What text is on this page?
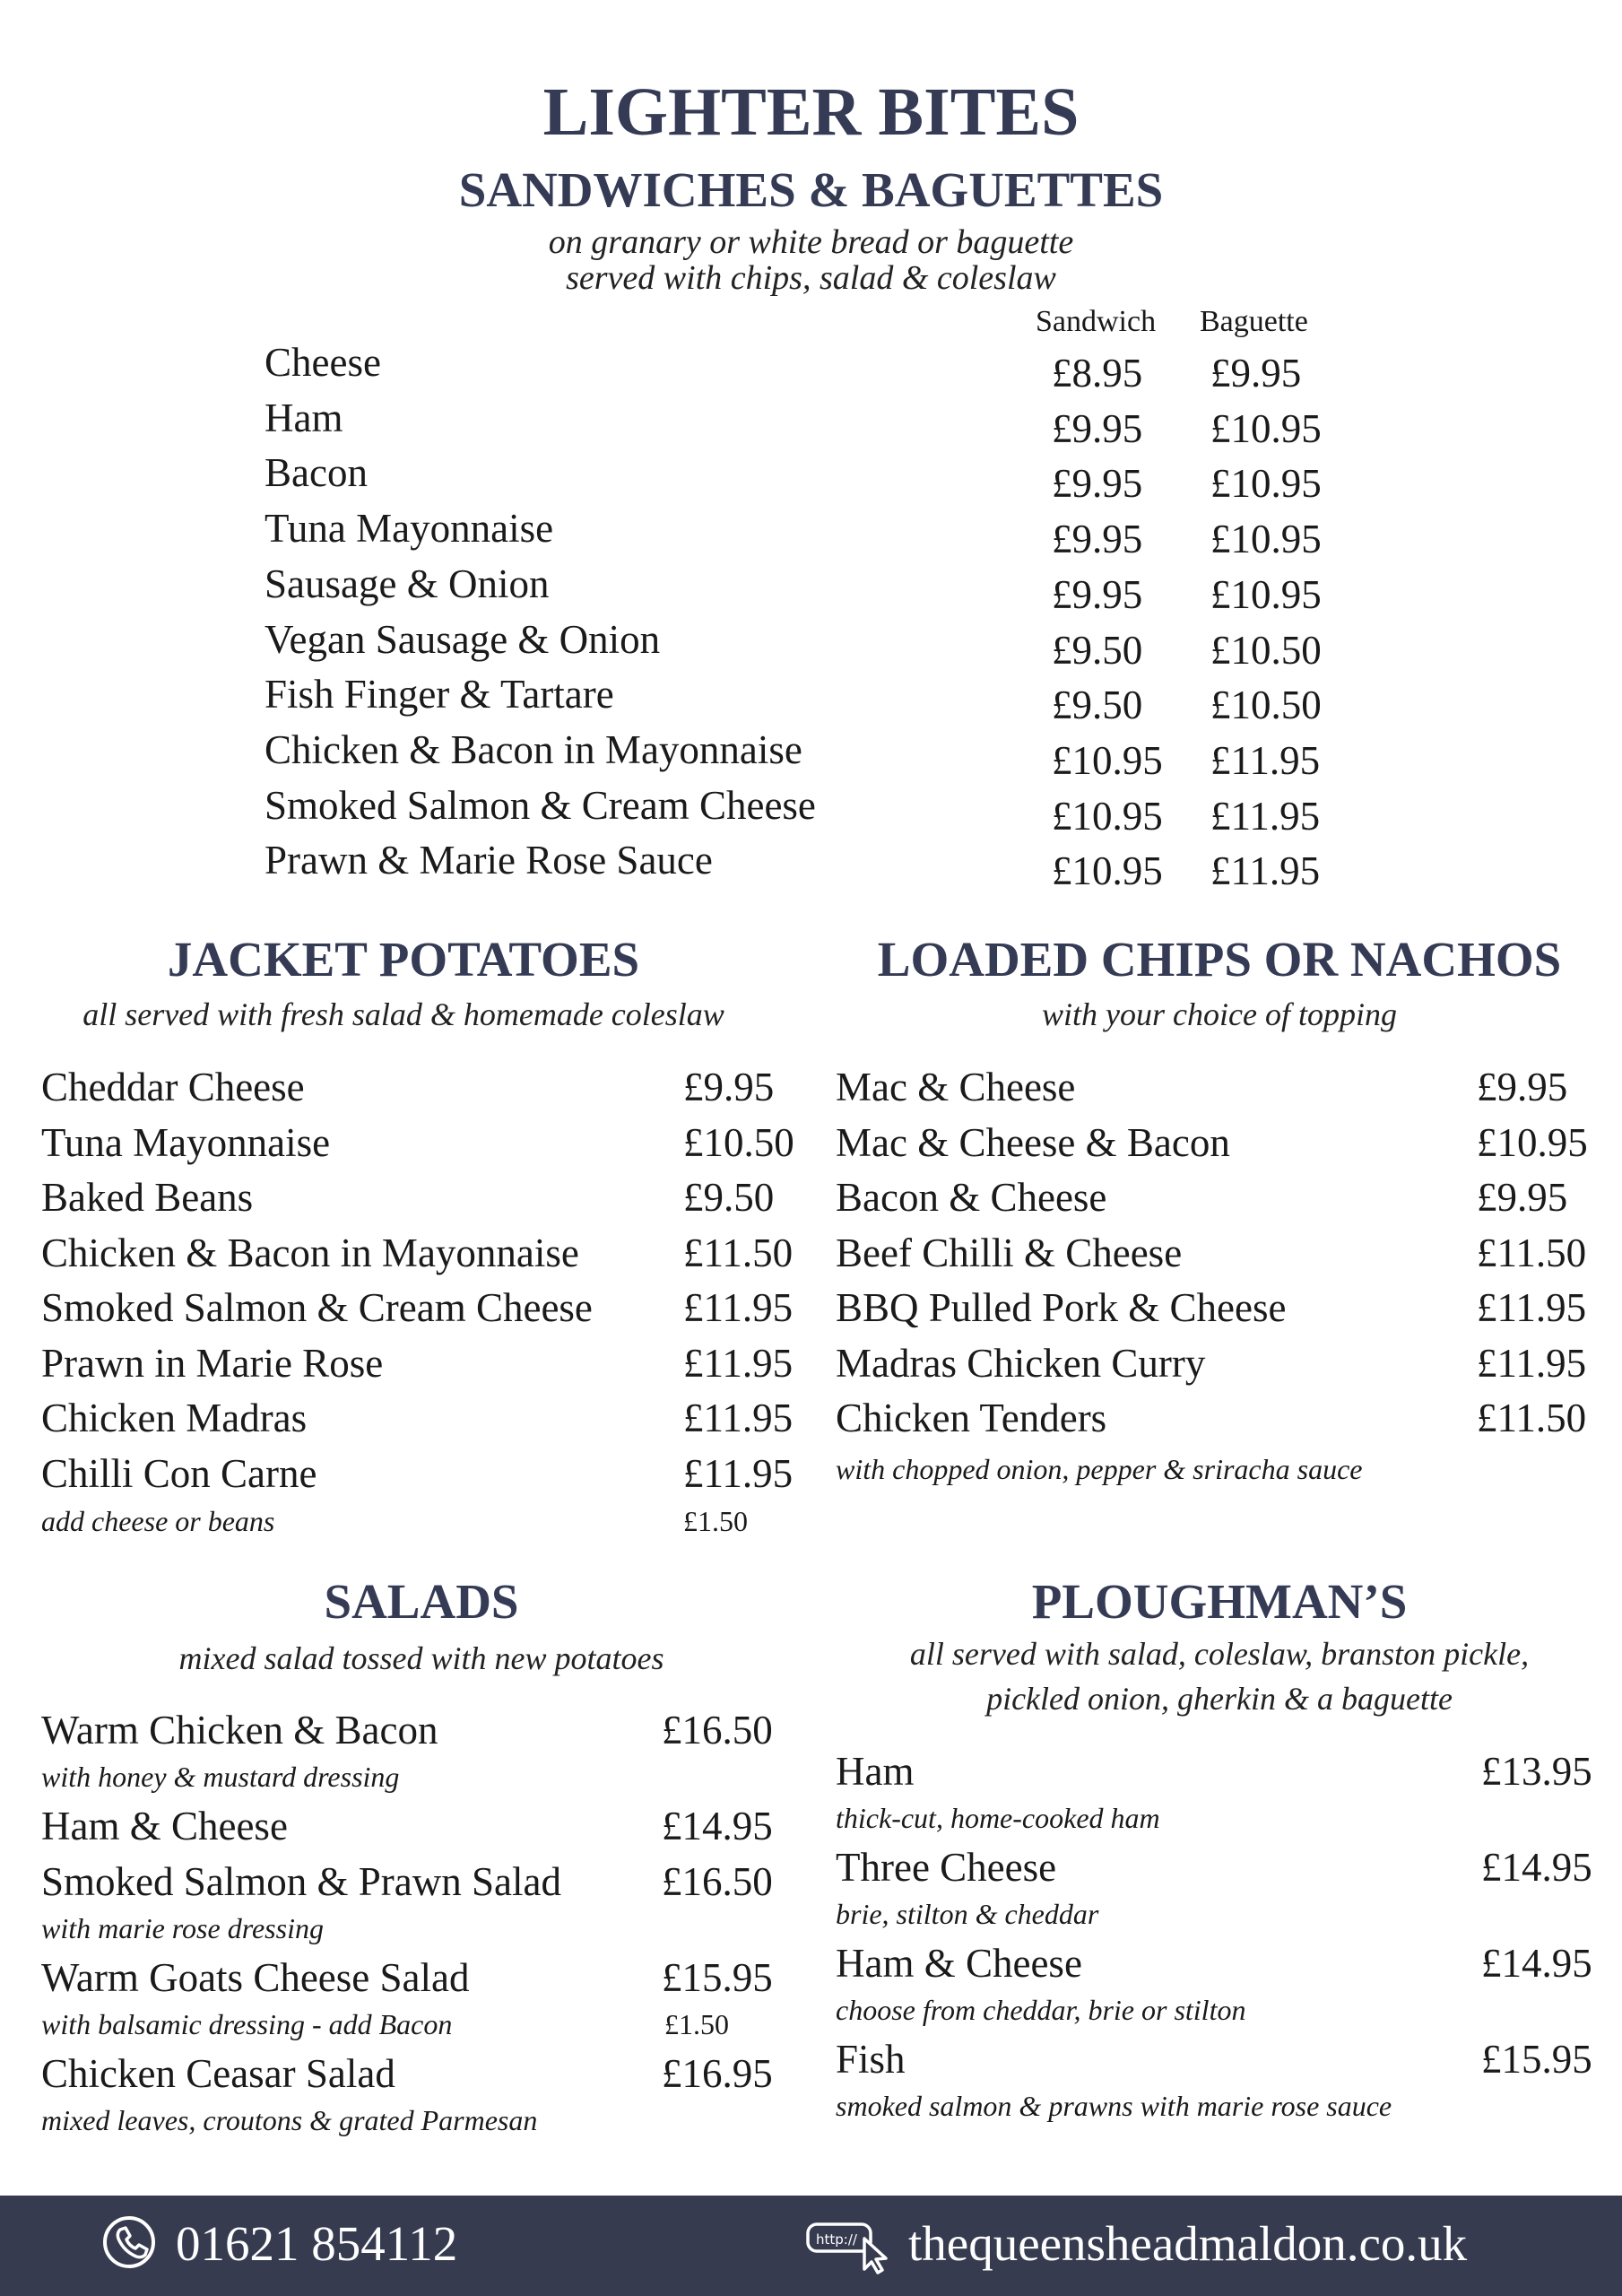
LIGHTER BITES
SANDWICHES & BAGUETTES
on granary or white bread or baguette
served with chips, salad & coleslaw
Sandwich Baguette
Cheese	£8.95 £9.95
Ham	£9.95 £10.95
Bacon	£9.95 £10.95
Tuna Mayonnaise	£9.95 £10.95
Sausage & Onion	£9.95 £10.95
Vegan Sausage & Onion	£9.50 £10.50
Fish Finger & Tartare	£9.50 £10.50
Chicken & Bacon in Mayonnaise	£10.95 £11.95
Smoked Salmon & Cream Cheese	£10.95 £11.95
Prawn & Marie Rose Sauce	£10.95 £11.95
JACKET POTATOES
all served with fresh salad & homemade coleslaw
Cheddar Cheese	£9.95
Tuna Mayonnaise	£10.50
Baked Beans	£9.50
Chicken & Bacon in Mayonnaise	£11.50
Smoked Salmon & Cream Cheese £11.95
Prawn in Marie Rose	£11.95
Chicken Madras	£11.95
Chilli Con Carne	£11.95
add cheese or beans	£1.50
LOADED CHIPS OR NACHOS
with your choice of topping
Mac & Cheese	£9.95
Mac & Cheese & Bacon	£10.95
Bacon & Cheese	£9.95
Beef Chilli & Cheese	£11.50
BBQ Pulled Pork & Cheese	£11.95
Madras Chicken Curry	£11.95
Chicken Tenders	£11.50
with chopped onion, pepper & sriracha sauce
SALADS
mixed salad tossed with new potatoes
Warm Chicken & Bacon	£16.50
with honey & mustard dressing
Ham & Cheese	£14.95
Smoked Salmon & Prawn Salad £16.50
with marie rose dressing
Warm Goats Cheese Salad	£15.95
with balsamic dressing - add Bacon	£1.50
Chicken Ceasar Salad	£16.95
mixed leaves, croutons & grated Parmesan
PLOUGHMAN’S
all served with salad, coleslaw, branston pickle,
pickled onion, gherkin & a baguette
Ham	£13.95
thick-cut, home-cooked ham
Three Cheese	£14.95
brie, stilton & cheddar
Ham & Cheese	£14.95
choose from cheddar, brie or stilton
Fish	£15.95
smoked salmon & prawns with marie rose sauce
01621 854112	http:// thequeensheadmaldon.co.uk
